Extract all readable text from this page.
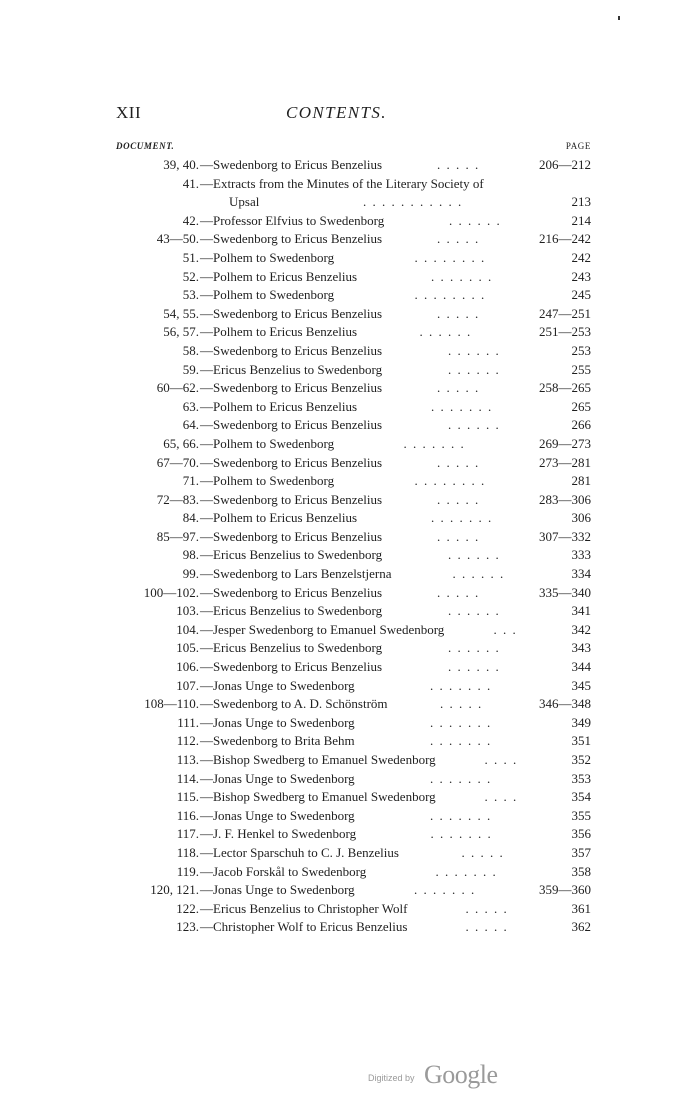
XII	CONTENTS.
DOCUMENT.	PAGE
39, 40. —Swedenborg to Ericus Benzelius	. . . . .	206—212
41. —Extracts from the Minutes of the Literary Society of
Upsal	. . . . . . . . . . .	213
42. —Professor Elfvius to Swedenborg	. . . . . .	214
43—50. —Swedenborg to Ericus Benzelius	. . . . .	216—242
51. —Polhem to Swedenborg	. . . . . . . .	242
52. —Polhem to Ericus Benzelius	. . . . . . .	243
53. —Polhem to Swedenborg	. . . . . . . .	245
54, 55. —Swedenborg to Ericus Benzelius	. . . . .	247—251
56, 57. —Polhem to Ericus Benzelius	. . . . . .	251—253
58. —Swedenborg to Ericus Benzelius	. . . . . .	253
59. —Ericus Benzelius to Swedenborg	. . . . . .	255
60—62. —Swedenborg to Ericus Benzelius	. . . . .	258—265
63. —Polhem to Ericus Benzelius	. . . . . . .	265
64. —Swedenborg to Ericus Benzelius	. . . . . .	266
65, 66. —Polhem to Swedenborg	. . . . . . .	269—273
67—70. —Swedenborg to Ericus Benzelius	. . . . .	273—281
71. —Polhem to Swedenborg	. . . . . . . .	281
72—83. —Swedenborg to Ericus Benzelius	. . . . .	283—306
84. —Polhem to Ericus Benzelius	. . . . . . .	306
85—97. —Swedenborg to Ericus Benzelius	. . . . .	307—332
98. —Ericus Benzelius to Swedenborg	. . . . . .	333
99. —Swedenborg to Lars Benzelstjerna	. . . . . .	334
100—102. —Swedenborg to Ericus Benzelius	. . . . .	335—340
103. —Ericus Benzelius to Swedenborg	. . . . . .	341
104. —Jesper Swedenborg to Emanuel Swedenborg	. . .	342
105. —Ericus Benzelius to Swedenborg	. . . . . .	343
106. —Swedenborg to Ericus Benzelius	. . . . . .	344
107. —Jonas Unge to Swedenborg	. . . . . . .	345
108—110. —Swedenborg to A. D. Schönström	. . . . .	346—348
111. —Jonas Unge to Swedenborg	. . . . . . .	349
112. —Swedenborg to Brita Behm	. . . . . . .	351
113. —Bishop Swedberg to Emanuel Swedenborg	. . . .	352
114. —Jonas Unge to Swedenborg	. . . . . . .	353
115. —Bishop Swedberg to Emanuel Swedenborg	. . . .	354
116. —Jonas Unge to Swedenborg	. . . . . . .	355
117. —J. F. Henkel to Swedenborg	. . . . . . .	356
118. —Lector Sparschuh to C. J. Benzelius	. . . . .	357
119. —Jacob Forskål to Swedenborg	. . . . . . .	358
120, 121. —Jonas Unge to Swedenborg	. . . . . . .	359—360
122. —Ericus Benzelius to Christopher Wolf	. . . . .	361
123. —Christopher Wolf to Ericus Benzelius	. . . . .	362
Digitized by Google
